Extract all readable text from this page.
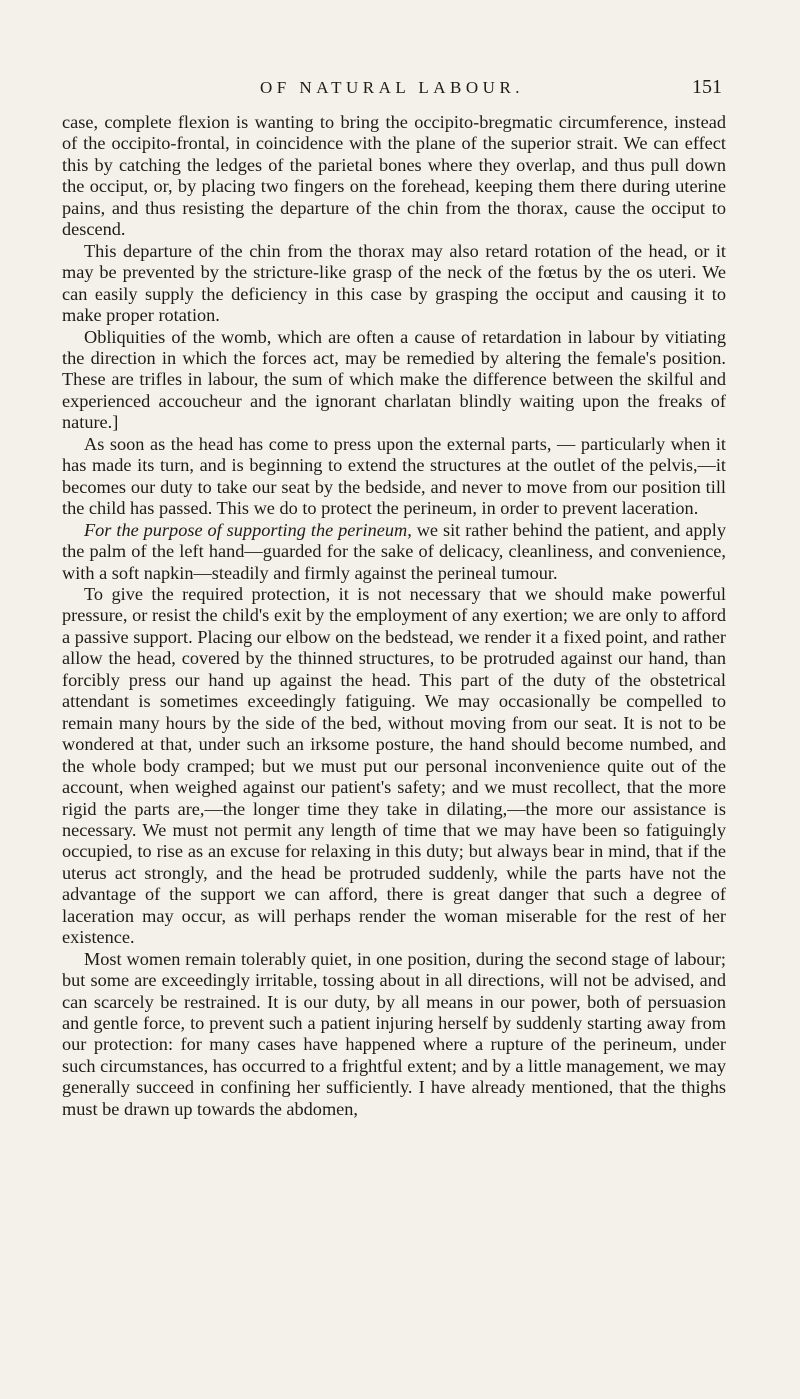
OF NATURAL LABOUR.	151

case, complete flexion is wanting to bring the occipito-bregmatic circumference, instead of the occipito-frontal, in coincidence with the plane of the superior strait. We can effect this by catching the ledges of the parietal bones where they overlap, and thus pull down the occiput, or, by placing two fingers on the forehead, keeping them there during uterine pains, and thus resisting the departure of the chin from the thorax, cause the occiput to descend.

This departure of the chin from the thorax may also retard rotation of the head, or it may be prevented by the stricture-like grasp of the neck of the fœtus by the os uteri. We can easily supply the deficiency in this case by grasping the occiput and causing it to make proper rotation.

Obliquities of the womb, which are often a cause of retardation in labour by vitiating the direction in which the forces act, may be remedied by altering the female's position. These are trifles in labour, the sum of which make the difference between the skilful and experienced accoucheur and the ignorant charlatan blindly waiting upon the freaks of nature.]

As soon as the head has come to press upon the external parts, — particularly when it has made its turn, and is beginning to extend the structures at the outlet of the pelvis,—it becomes our duty to take our seat by the bedside, and never to move from our position till the child has passed. This we do to protect the perineum, in order to prevent laceration.

For the purpose of supporting the perineum, we sit rather behind the patient, and apply the palm of the left hand—guarded for the sake of delicacy, cleanliness, and convenience, with a soft napkin—steadily and firmly against the perineal tumour.

To give the required protection, it is not necessary that we should make powerful pressure, or resist the child's exit by the employment of any exertion; we are only to afford a passive support. Placing our elbow on the bedstead, we render it a fixed point, and rather allow the head, covered by the thinned structures, to be protruded against our hand, than forcibly press our hand up against the head. This part of the duty of the obstetrical attendant is sometimes exceedingly fatiguing. We may occasionally be compelled to remain many hours by the side of the bed, without moving from our seat. It is not to be wondered at that, under such an irksome posture, the hand should become numbed, and the whole body cramped; but we must put our personal inconvenience quite out of the account, when weighed against our patient's safety; and we must recollect, that the more rigid the parts are,—the longer time they take in dilating,—the more our assistance is necessary. We must not permit any length of time that we may have been so fatiguingly occupied, to rise as an excuse for relaxing in this duty; but always bear in mind, that if the uterus act strongly, and the head be protruded suddenly, while the parts have not the advantage of the support we can afford, there is great danger that such a degree of laceration may occur, as will perhaps render the woman miserable for the rest of her existence.

Most women remain tolerably quiet, in one position, during the second stage of labour; but some are exceedingly irritable, tossing about in all directions, will not be advised, and can scarcely be restrained. It is our duty, by all means in our power, both of persuasion and gentle force, to prevent such a patient injuring herself by suddenly starting away from our protection: for many cases have happened where a rupture of the perineum, under such circumstances, has occurred to a frightful extent; and by a little management, we may generally succeed in confining her sufficiently. I have already mentioned, that the thighs must be drawn up towards the abdomen,
